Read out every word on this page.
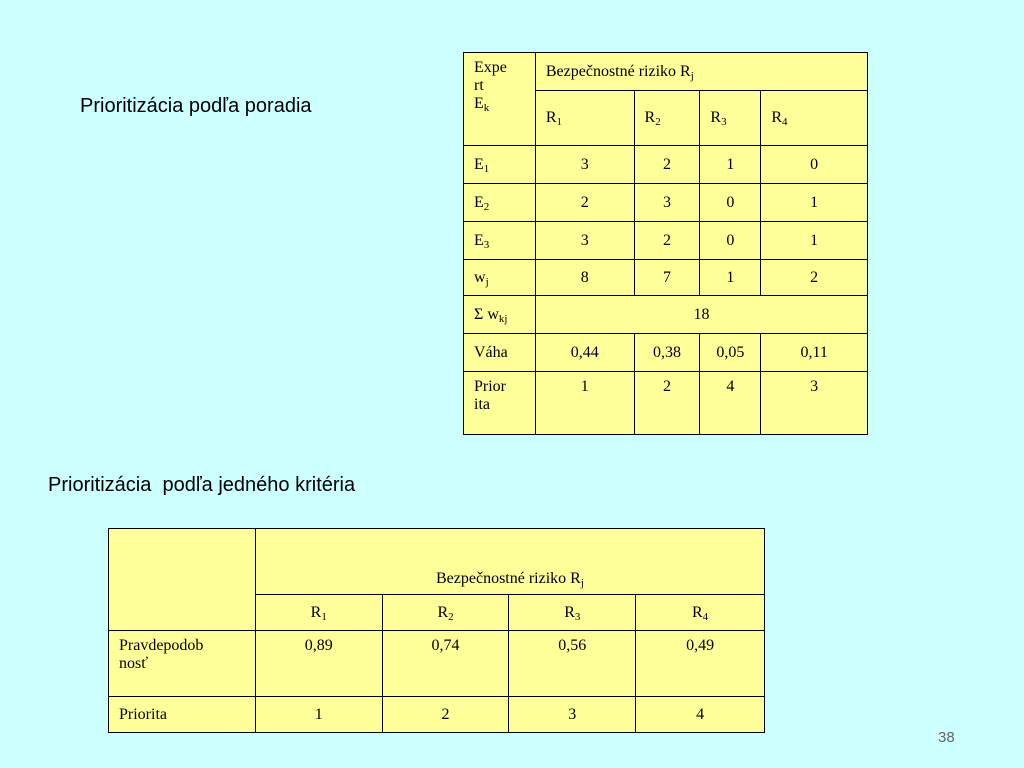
Prioritizácia podľa poradia
Expe
rt
$E_k$	Bezpečnostné riziko $R_j$
	$R_1$	$R_2$	$R_3$	$R_4$
$E_1$	3	2	1	0
$E_2$	2	3	0	1
$E_3$	3	2	0	1
$w_j$	8	7	1	2
Σ $w_{kj}$	18			
Váha	0,44	0,38	0,05	0,11
Prior
ita	1	2	4	3
Prioritizácia  podľa jedného kritéria
	Bezpečnostné riziko $R_j$
	$R_1$	$R_2$	$R_3$	$R_4$
Pravdepodob
nosť	0,89	0,74	0,56	0,49
Priorita	1	2	3	4
38
